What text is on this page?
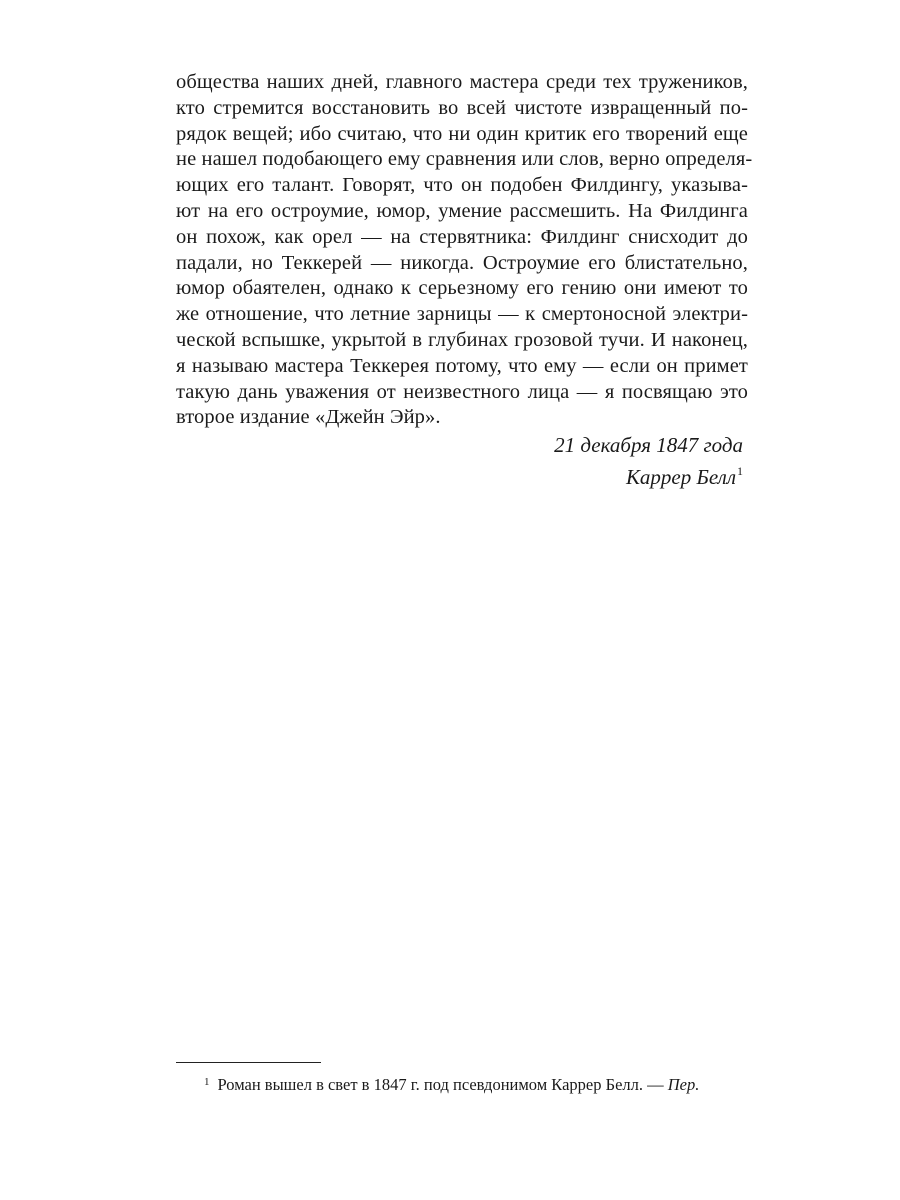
общества наших дней, главного мастера среди тех тружеников,
кто стремится восстановить во всей чистоте извращенный по-
рядок вещей; ибо считаю, что ни один критик его творений еще
не нашел подобающего ему сравнения или слов, верно определя-
ющих его талант. Говорят, что он подобен Филдингу, указыва-
ют на его остроумие, юмор, умение рассмешить. На Филдинга
он похож, как орел — на стервятника: Филдинг снисходит до
падали, но Теккерей — никогда. Остроумие его блистательно,
юмор обаятелен, однако к серьезному его гению они имеют то
же отношение, что летние зарницы — к смертоносной электри-
ческой вспышке, укрытой в глубинах грозовой тучи. И наконец,
я называю мастера Теккерея потому, что ему — если он примет
такую дань уважения от неизвестного лица — я посвящаю это
второе издание «Джейн Эйр».
21 декабря 1847 года
Каррер Белл$^1$
$^1$ Роман вышел в свет в 1847 г. под псевдонимом Каррер Белл. — Пер.
